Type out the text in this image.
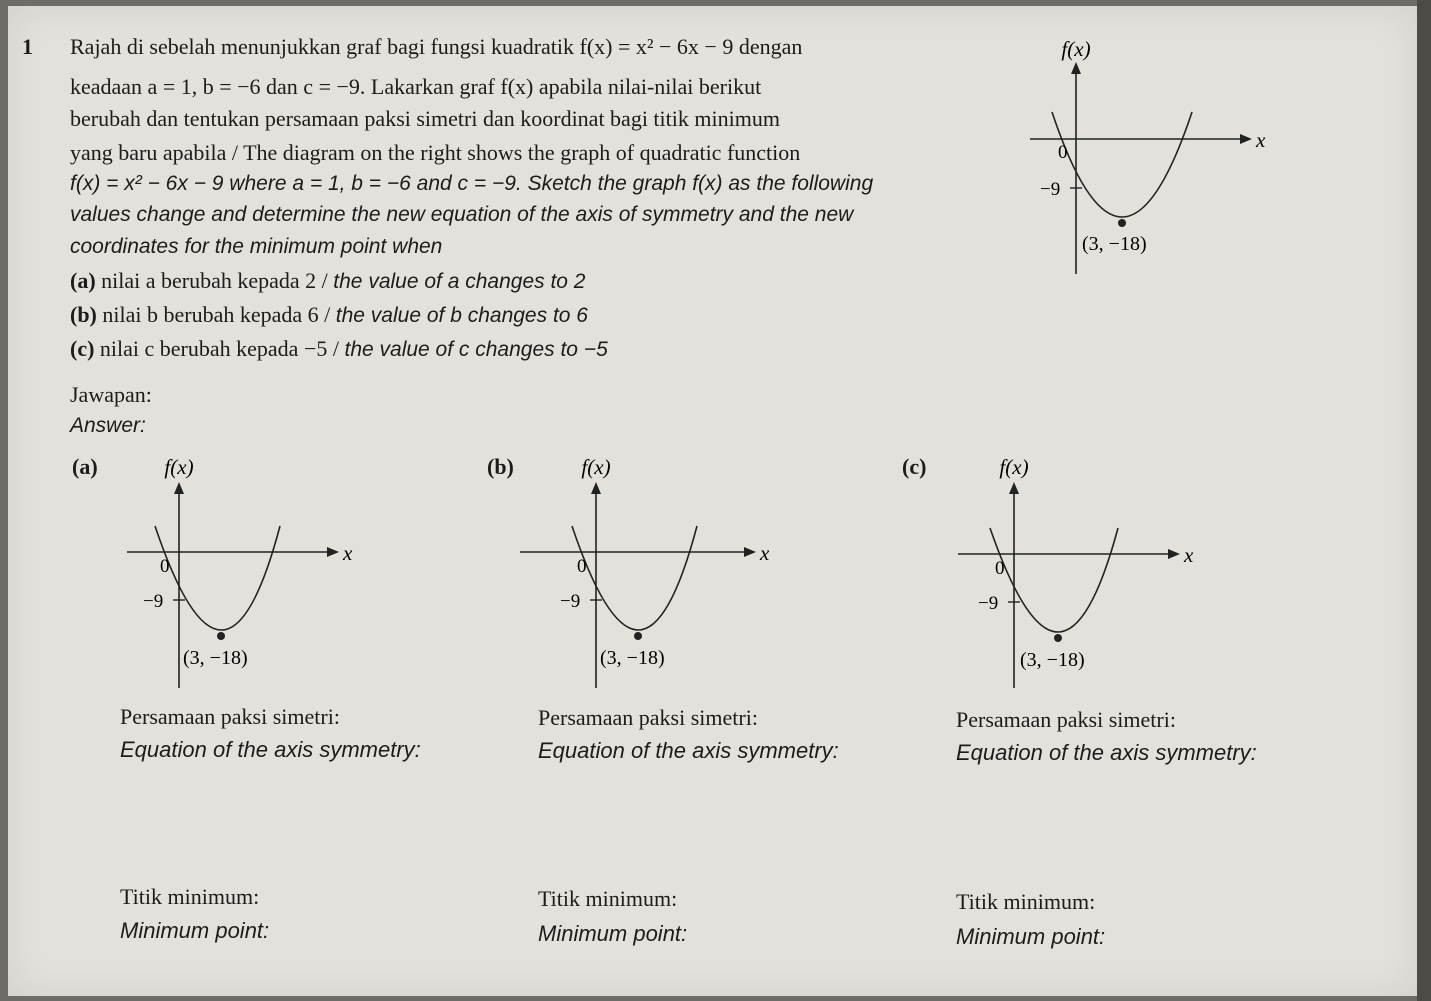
1 Rajah di sebelah menunjukkan graf bagi fungsi kuadratik f(x) = x² − 6x − 9 dengan
keadaan a = 1, b = −6 dan c = −9. Lakarkan graf f(x) apabila nilai-nilai berikut
berubah dan tentukan persamaan paksi simetri dan koordinat bagi titik minimum
yang baru apabila / The diagram on the right shows the graph of quadratic function
f(x) = x² − 6x − 9 where a = 1, b = −6 and c = −9. Sketch the graph f(x) as the following
values change and determine the new equation of the axis of symmetry and the new
coordinates for the minimum point when
(a) nilai a berubah kepada 2 / the value of a changes to 2
(b) nilai b berubah kepada 6 / the value of b changes to 6
(c) nilai c berubah kepada −5 / the value of c changes to −5
f(x)
x
0
−9
(3, −18)
Jawapan:
Answer:
(a)	f(x)
x
0
−9
(3, −18)
(b)	f(x)
x
0
−9
(3, −18)
(c)	f(x)
x
0
−9
(3, −18)
Persamaan paksi simetri:
Equation of the axis symmetry:
Persamaan paksi simetri:
Equation of the axis symmetry:
Persamaan paksi simetri:
Equation of the axis symmetry:
Titik minimum:
Minimum point:
Titik minimum:
Minimum point:
Titik minimum:
Minimum point:
